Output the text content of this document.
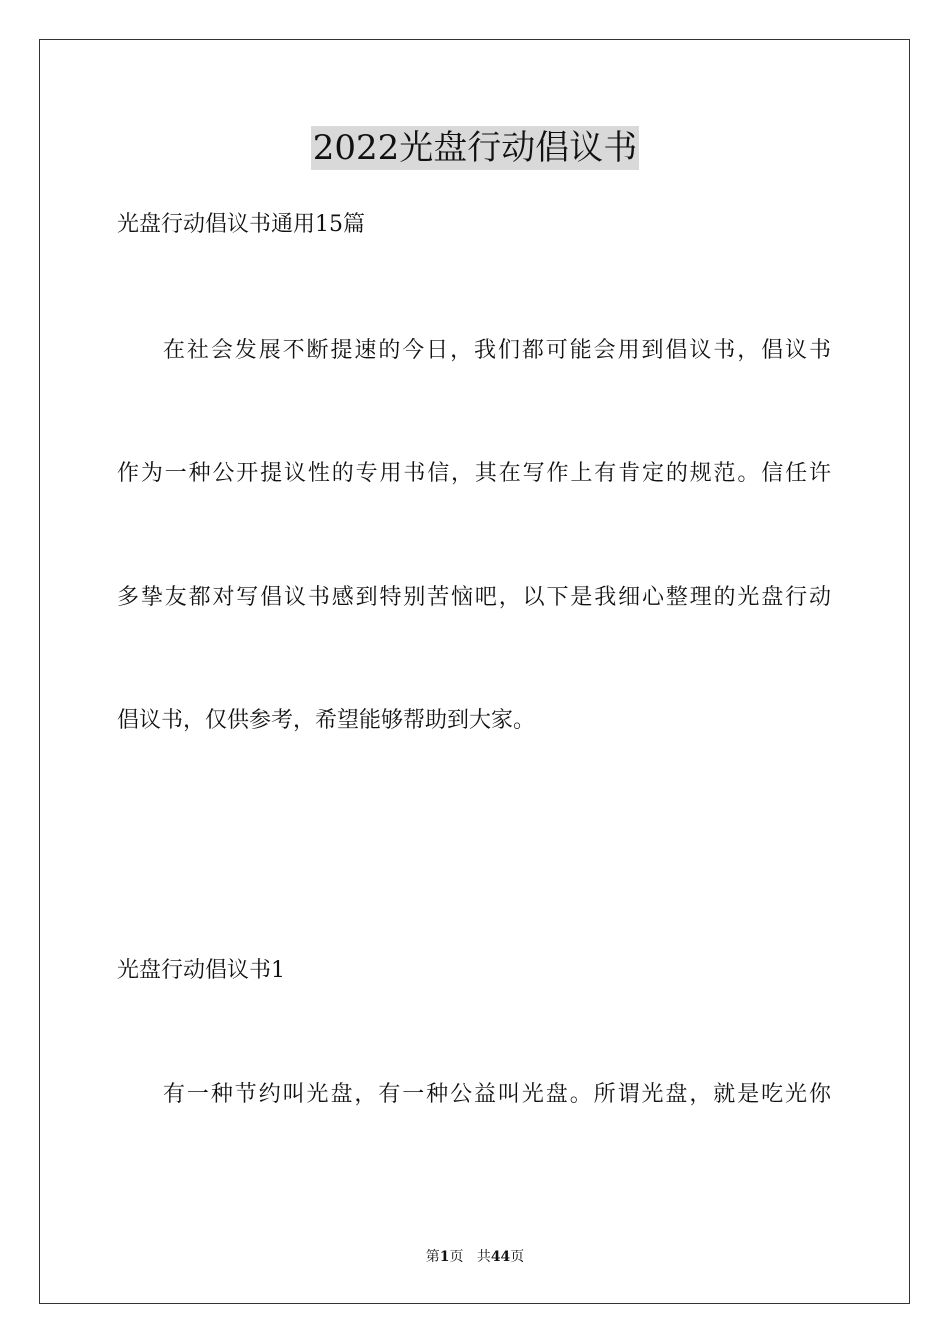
2022光盘行动倡议书
光盘行动倡议书通用15篇
在社会发展不断提速的今日，我们都可能会用到倡议书，倡议书
作为一种公开提议性的专用书信，其在写作上有肯定的规范。信任许
多挚友都对写倡议书感到特别苦恼吧，以下是我细心整理的光盘行动
倡议书，仅供参考，希望能够帮助到大家。
光盘行动倡议书1
有一种节约叫光盘，有一种公益叫光盘。所谓光盘，就是吃光你
第1页 共44页
